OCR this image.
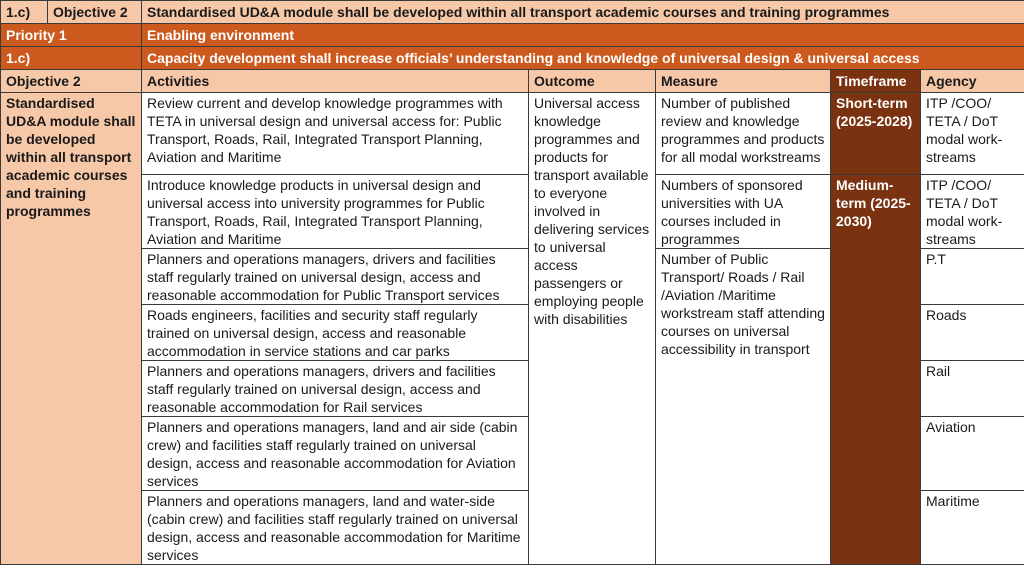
1.c)	Objective 2	Standardised UD&A module shall be developed within all transport academic courses and training programmes				
Priority 1		Enabling environment				
1.c)		Capacity development shall increase officials’ understanding and knowledge of universal design & universal access				
Objective 2		Activities	Outcome	Measure	Timeframe	Agency
Standardised UD&A module shall be developed within all transport academic courses and training programmes		Review current and develop knowledge programmes with TETA in universal design and universal access for: Public Transport, Roads, Rail, Integrated Transport Planning, Aviation and Maritime	Universal access knowledge programmes and products for transport available to everyone involved in delivering services to universal access passengers or employing people with disabilities	Number of published review and knowledge programmes and products for all modal workstreams	Short-term (2025-2028)	ITP /COO/ TETA / DoT modal work-streams
		Introduce knowledge products in universal design and universal access into university programmes for Public Transport, Roads, Rail, Integrated Transport Planning, Aviation and Maritime		Numbers of sponsored universities with UA courses included in programmes	Medium-term (2025-2030)	ITP /COO/ TETA / DoT modal work-streams
		Planners and operations managers, drivers and facilities staff regularly trained on universal design, access and reasonable accommodation for Public Transport services		Number of Public Transport/ Roads / Rail /Aviation /Maritime workstream staff attending courses on universal accessibility in transport		P.T
		Roads engineers, facilities and security staff regularly trained on universal design, access and reasonable accommodation in service stations and car parks				Roads
		Planners and operations managers, drivers and facilities staff regularly trained on universal design, access and reasonable accommodation for Rail services				Rail
		Planners and operations managers, land and air side (cabin crew) and facilities staff regularly trained on universal design, access and reasonable accommodation for Aviation services				Aviation
		Planners and operations managers, land and water-side (cabin crew) and facilities staff regularly trained on universal design, access and reasonable accommodation for Maritime services				Maritime
